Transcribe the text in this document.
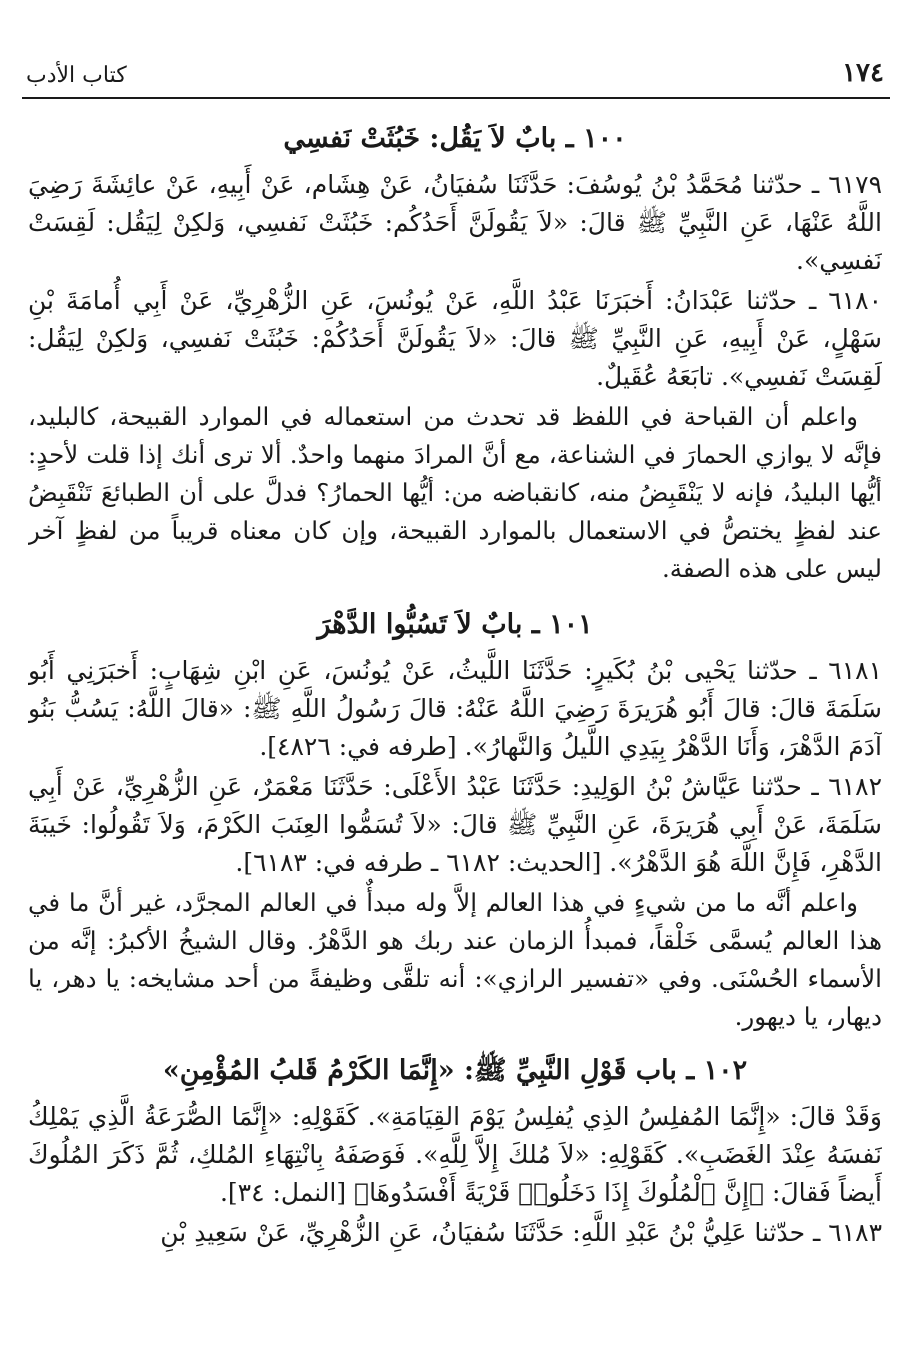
كتاب الأدب	١٧٤
١٠٠ ـ بابٌ لاَ يَقُل: خَبُثَتْ نَفسِي

٦١٧٩ ـ حدّثنا مُحَمَّدُ بْنُ يُوسُفَ: حَدَّثَنَا سُفيَانُ، عَنْ هِشَام، عَنْ أَبِيهِ، عَنْ عائِشَةَ رَضِيَ اللَّهُ عَنْهَا، عَنِ النَّبِيِّ ﷺ قالَ: «لاَ يَقُولَنَّ أَحَدُكُم: خَبُثَتْ نَفسِي، وَلكِنْ لِيَقُل: لَقِسَتْ نَفسِي».

٦١٨٠ ـ حدّثنا عَبْدَانُ: أَخبَرَنَا عَبْدُ اللَّهِ، عَنْ يُونُسَ، عَنِ الزُّهْرِيِّ، عَنْ أَبِي أُمامَةَ بْنِ سَهْلٍ، عَنْ أَبِيهِ، عَنِ النَّبِيِّ ﷺ قالَ: «لاَ يَقُولَنَّ أَحَدُكُمْ: خَبُثَتْ نَفسِي، وَلكِنْ لِيَقُل: لَقِسَتْ نَفسِي». تابَعَهُ عُقَيلٌ.

واعلم أن القباحة في اللفظ قد تحدث من استعماله في الموارد القبيحة، كالبليد، فإنَّه لا يوازي الحمارَ في الشناعة، مع أنَّ المرادَ منهما واحدٌ. ألا ترى أنك إذا قلت لأحدٍ: أيُّها البليدُ، فإنه لا يَنْقَبِضُ منه، كانقباضه من: أيُّها الحمارُ؟ فدلَّ على أن الطبائعَ تَنْقَبِضُ عند لفظٍ يختصُّ في الاستعمال بالموارد القبيحة، وإن كان معناه قريباً من لفظٍ آخر ليس على هذه الصفة.

١٠١ ـ بابٌ لاَ تَسُبُّوا الدَّهْرَ

٦١٨١ ـ حدّثنا يَحْيى بْنُ بُكَيرٍ: حَدَّثَنَا اللَّيثُ، عَنْ يُونُسَ، عَنِ ابْنِ شِهَابٍ: أَخبَرَنِي أَبُو سَلَمَةَ قالَ: قالَ أَبُو هُرَيرَةَ رَضِيَ اللَّهُ عَنْهُ: قالَ رَسُولُ اللَّهِ ﷺ: «قالَ اللَّهُ: يَسُبُّ بَنُو آدَمَ الدَّهْرَ، وَأَنَا الدَّهْرُ بِيَدِي اللَّيلُ وَالنَّهارُ». [طرفه في: ٤٨٢٦].

٦١٨٢ ـ حدّثنا عَيَّاشُ بْنُ الوَلِيدِ: حَدَّثَنَا عَبْدُ الأَعْلَى: حَدَّثَنَا مَعْمَرٌ، عَنِ الزُّهْرِيِّ، عَنْ أَبِي سَلَمَةَ، عَنْ أَبِي هُرَيرَةَ، عَنِ النَّبِيِّ ﷺ قالَ: «لاَ تُسَمُّوا العِنَبَ الكَرْمَ، وَلاَ تَقُولُوا: خَيبَةَ الدَّهْرِ، فَإِنَّ اللَّهَ هُوَ الدَّهْرُ». [الحديث: ٦١٨٢ ـ طرفه في: ٦١٨٣].

واعلم أنَّه ما من شيءٍ في هذا العالم إلاَّ وله مبدأٌ في العالم المجرَّد، غير أنَّ ما في هذا العالم يُسمَّى خَلْقاً، فمبدأُ الزمان عند ربك هو الدَّهْرُ. وقال الشيخُ الأكبرُ: إنَّه من الأسماء الحُسْنَى. وفي «تفسير الرازي»: أنه تلقَّى وظيفةً من أحد مشايخه: يا دهر، يا ديهار، يا ديهور.

١٠٢ ـ باب قَوْلِ النَّبِيِّ ﷺ: «إِنَّمَا الكَرْمُ قَلبُ المُؤْمِنِ»

وَقَدْ قالَ: «إِنَّمَا المُفلِسُ الذِي يُفلِسُ يَوْمَ القِيَامَةِ». كَقَوْلِهِ: «إِنَّمَا الصُّرَعَةُ الَّذِي يَمْلِكُ نَفسَهُ عِنْدَ الغَضَبِ». كَقَوْلِهِ: «لاَ مُلكَ إِلاَّ لِلَّهِ». فَوَصَفَهُ بِانْتِهَاءِ المُلكِ، ثُمَّ ذَكَرَ المُلُوكَ أَيضاً فَقالَ: ﴿إِنَّ ٱلْمُلُوكَ إِذَا دَخَلُوا۟ قَرْيَةً أَفْسَدُوهَا﴾ [النمل: ٣٤].

٦١٨٣ ـ حدّثنا عَلِيُّ بْنُ عَبْدِ اللَّهِ: حَدَّثَنَا سُفيَانُ، عَنِ الزُّهْرِيِّ، عَنْ سَعِيدِ بْنِ
